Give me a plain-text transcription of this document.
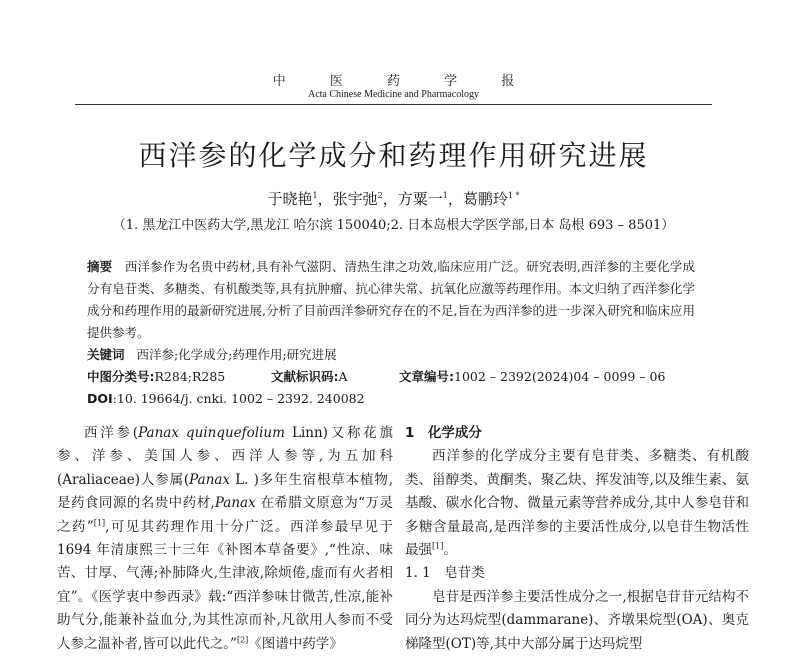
中 医 药 学 报
Acta Chinese Medicine and Pharmacology
西洋参的化学成分和药理作用研究进展
于晓艳$^1$，张宇弛$^2$，方粟一$^1$，葛鹏玲$^{1 *}$
（1. 黑龙江中医药大学,黑龙江 哈尔滨 150040;2. 日本岛根大学医学部,日本 岛根 693 – 8501）
摘要 西洋参作为名贵中药材,具有补气滋阴、清热生津之功效,临床应用广泛。研究表明,西洋参的主要化学成分有皂苷类、多糖类、有机酸类等,具有抗肿瘤、抗心律失常、抗氧化应激等药理作用。本文归纳了西洋参化学成分和药理作用的最新研究进展,分析了目前西洋参研究存在的不足,旨在为西洋参的进一步深入研究和临床应用提供参考。
关键词 西洋参;化学成分;药理作用;研究进展
中图分类号:R284;R285	文献标识码:A	文章编号:1002 – 2392(2024)04 – 0099 – 06
DOI:10. 19664/j. cnki. 1002 – 2392. 240082

西洋参(Panax quinquefolium Linn)又称花旗参、洋参、美国人参、西洋人参等,为五加科(Araliaceae)人参属(Panax L. )多年生宿根草本植物,是药食同源的名贵中药材,Panax 在希腊文原意为“万灵之药”[1],可见其药理作用十分广泛。西洋参最早见于 1694 年清康熙三十三年《补图本草备要》,“性凉、味苦、甘厚、气薄;补肺降火,生津液,除烦倦,虚而有火者相宜”。《医学衷中参西录》载:“西洋参味甘微苦,性凉,能补助气分,能兼补益血分,为其性凉而补,凡欲用人参而不受人参之温补者,皆可以此代之。”[2]《图谱中药学》

1　化学成分

西洋参的化学成分主要有皂苷类、多糖类、有机酸类、甾醇类、黄酮类、聚乙炔、挥发油等,以及维生素、氨基酸、碳水化合物、微量元素等营养成分,其中人参皂苷和多糖含量最高,是西洋参的主要活性成分,以皂苷生物活性最强[1]。

1. 1　皂苷类

皂苷是西洋参主要活性成分之一,根据皂苷苷元结构不同分为达玛烷型(dammarane)、齐墩果烷型(OA)、奥克梯隆型(OT)等,其中大部分属于达玛烷型
